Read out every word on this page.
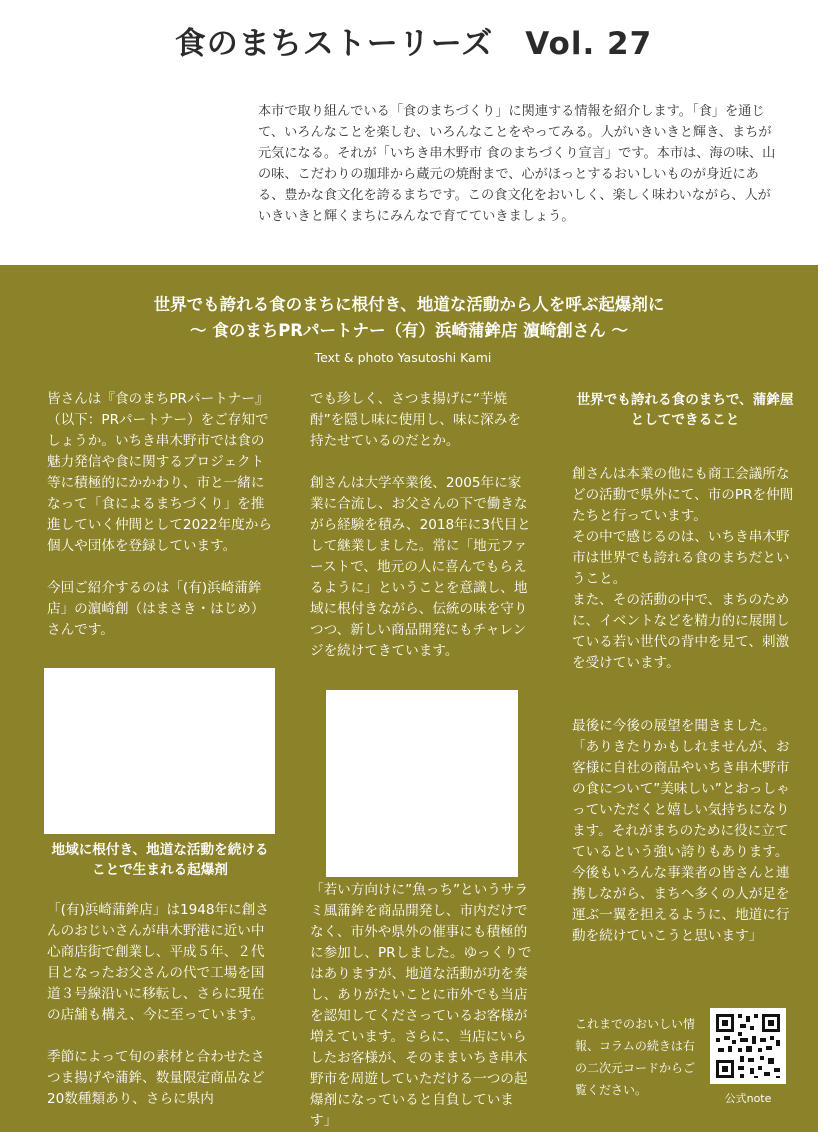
食のまちストーリーズ　Vol. 27
本市で取り組んでいる「食のまちづくり」に関連する情報を紹介します。「食」を通じて、いろんなことを楽しむ、いろんなことをやってみる。人がいきいきと輝き、まちが元気になる。それが「いちき串木野市 食のまちづくり宣言」です。本市は、海の味、山の味、こだわりの珈琲から蔵元の焼酎まで、心がほっとするおいしいものが身近にある、豊かな食文化を誇るまちです。この食文化をおいしく、楽しく味わいながら、人がいきいきと輝くまちにみんなで育てていきましょう。
世界でも誇れる食のまちに根付き、地道な活動から人を呼ぶ起爆剤に
〜 食のまちPRパートナー（有）浜崎蒲鉾店 濵崎創さん 〜
Text & photo Yasutoshi Kami

皆さんは『食のまちPRパートナー』（以下：PRパートナー）をご存知でしょうか。いちき串木野市では食の魅力発信や食に関するプロジェクト等に積極的にかかわり、市と一緒になって「食によるまちづくり」を推進していく仲間として2022年度から個人や団体を登録しています。

今回ご紹介するのは「(有)浜崎蒲鉾店」の濵崎創（はまさき・はじめ）さんです。

地域に根付き、地道な活動を続けることで生まれる起爆剤

「(有)浜崎蒲鉾店」は1948年に創さんのおじいさんが串木野港に近い中心商店街で創業し、平成５年、２代目となったお父さんの代で工場を国道３号線沿いに移転し、さらに現在の店舗も構え、今に至っています。

季節によって旬の素材と合わせたさつま揚げや蒲鉾、数量限定商品など20数種類あり、さらに県内

でも珍しく、さつま揚げに“芋焼酎”を隠し味に使用し、味に深みを持たせているのだとか。

創さんは大学卒業後、2005年に家業に合流し、お父さんの下で働きながら経験を積み、2018年に3代目として継業しました。常に「地元ファーストで、地元の人に喜んでもらえるように」ということを意識し、地域に根付きながら、伝統の味を守りつつ、新しい商品開発にもチャレンジを続けてきています。

「若い方向けに”魚っち”というサラミ風蒲鉾を商品開発し、市内だけでなく、市外や県外の催事にも積極的に参加し、PRしました。ゆっくりではありますが、地道な活動が功を奏し、ありがたいことに市外でも当店を認知してくださっているお客様が増えています。さらに、当店にいらしたお客様が、そのままいちき串木野市を周遊していただける一つの起爆剤になっていると自負しています」

世界でも誇れる食のまちで、蒲鉾屋としてできること

創さんは本業の他にも商工会議所などの活動で県外にて、市のPRを仲間たちと行っています。
その中で感じるのは、いちき串木野市は世界でも誇れる食のまちだということ。
また、その活動の中で、まちのために、イベントなどを精力的に展開している若い世代の背中を見て、刺激を受けています。

最後に今後の展望を聞きました。
「ありきたりかもしれませんが、お客様に自社の商品やいちき串木野市の食について”美味しい”とおっしゃっていただくと嬉しい気持ちになります。それがまちのために役に立てているという強い誇りもあります。今後もいろんな事業者の皆さんと連携しながら、まちへ多くの人が足を運ぶ一翼を担えるように、地道に行動を続けていこうと思います」

これまでのおいしい情報、コラムの続きは右の二次元コードからご覧ください。
公式note
